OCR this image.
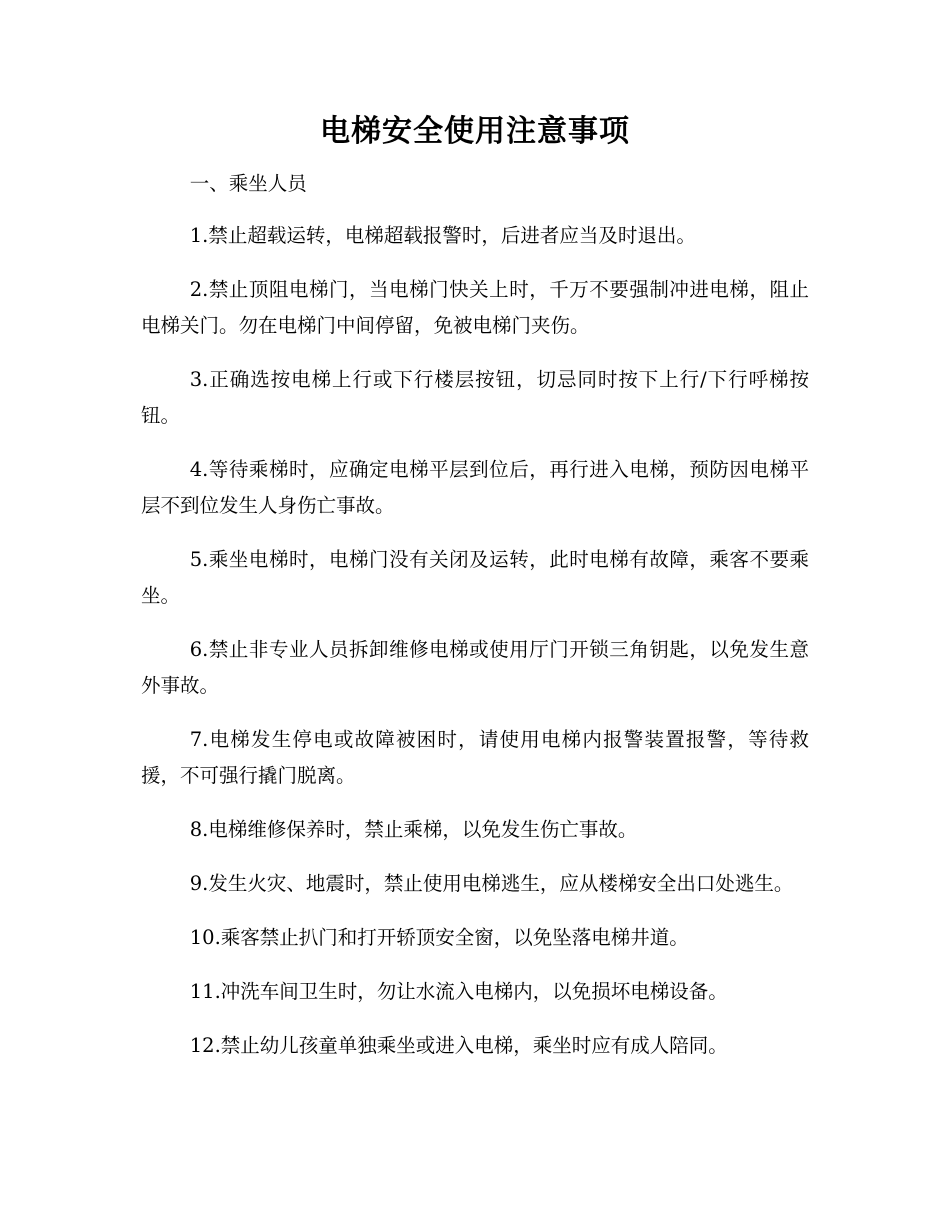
电梯安全使用注意事项

一、乘坐人员

1.禁止超载运转，电梯超载报警时，后进者应当及时退出。

2.禁止顶阻电梯门，当电梯门快关上时，千万不要强制冲进电梯，阻止电梯关门。勿在电梯门中间停留，免被电梯门夹伤。

3.正确选按电梯上行或下行楼层按钮，切忌同时按下上行/下行呼梯按钮。

4.等待乘梯时，应确定电梯平层到位后，再行进入电梯，预防因电梯平层不到位发生人身伤亡事故。

5.乘坐电梯时，电梯门没有关闭及运转，此时电梯有故障，乘客不要乘坐。

6.禁止非专业人员拆卸维修电梯或使用厅门开锁三角钥匙，以免发生意外事故。

7.电梯发生停电或故障被困时，请使用电梯内报警装置报警，等待救援，不可强行撬门脱离。

8.电梯维修保养时，禁止乘梯，以免发生伤亡事故。

9.发生火灾、地震时，禁止使用电梯逃生，应从楼梯安全出口处逃生。

10.乘客禁止扒门和打开轿顶安全窗，以免坠落电梯井道。

11.冲洗车间卫生时，勿让水流入电梯内，以免损坏电梯设备。

12.禁止幼儿孩童单独乘坐或进入电梯，乘坐时应有成人陪同。
